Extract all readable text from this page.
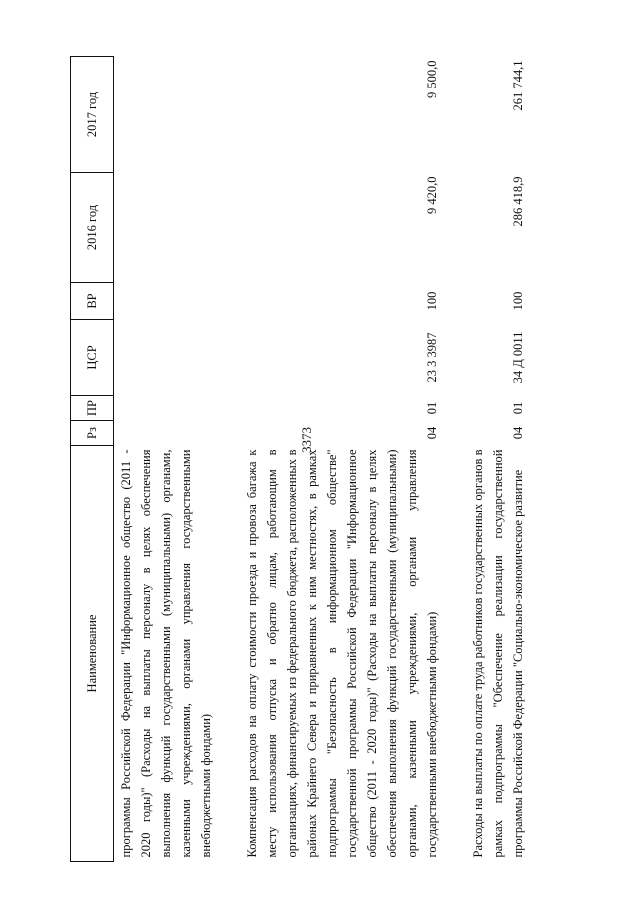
3373
Наименование	Рз	ПР	ЦСР	ВР	2016 год	2017 год
программы Российской Федерации "Информационное общество (2011 - 2020 годы)" (Расходы на выплаты персоналу в целях обеспечения выполнения функций государственными (муниципальными) органами, казенными учреждениями, органами управления государственными внебюджетными фондами)						

Компенсация расходов на оплату стоимости проезда и провоза багажа к месту использования отпуска и обратно лицам, работающим в организациях, финансируемых из федерального бюджета, расположенных в районах Крайнего Севера и приравненных к ним местностях, в рамках подпрограммы "Безопасность в информационном обществе" государственной программы Российской Федерации "Информационное общество (2011 - 2020 годы)" (Расходы на выплаты персоналу в целях обеспечения выполнения функций государственными (муниципальными) органами, казенными учреждениями, органами управления государственными внебюджетными фондами)	04	01	23 3 3987	100	9 420,0	9 500,0

Расходы на выплаты по оплате труда работников государственных органов в рамках подпрограммы "Обеспечение реализации государственной программы Российской Федерации "Социально-экономическое развитие	04	01	34 Д 0011	100	286 418,9	261 744,1
